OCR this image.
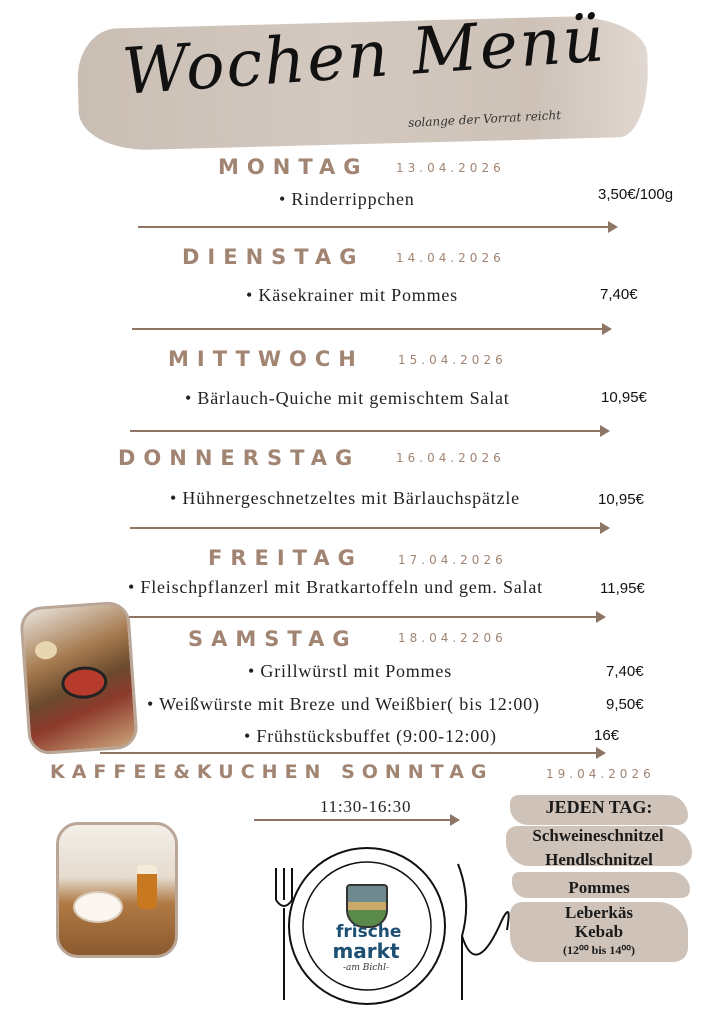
Wochen Menü
solange der Vorrat reicht
MONTAG 13.04.2026
• Rinderrippchen	3,50€/100g
DIENSTAG	14.04.2026
• Käsekrainer mit Pommes	7,40€
MITTWOCH	15.04.2026
• Bärlauch-Quiche mit gemischtem Salat	10,95€
DONNERSTAG	16.04.2026
• Hühnergeschnetzeltes mit Bärlauchspätzle	10,95€
FREITAG	17.04.2026
• Fleischpflanzerl mit Bratkartoffeln und gem. Salat	11,95€
SAMSTAG	18.04.2206
• Grillwürstl mit Pommes	7,40€
• Weißwürste mit Breze und Weißbier( bis 12:00)	9,50€
• Frühstücksbuffet (9:00-12:00)	16€
KAFFEE&KUCHEN SONNTAG	19.04.2026
11:30-16:30	JEDEN TAG:
Schweineschnitzel
Hendlschnitzel
Pommes
Leberkäs
Kebab
(12⁰⁰ bis 14⁰⁰)
frische
markt
-am Bichl-
